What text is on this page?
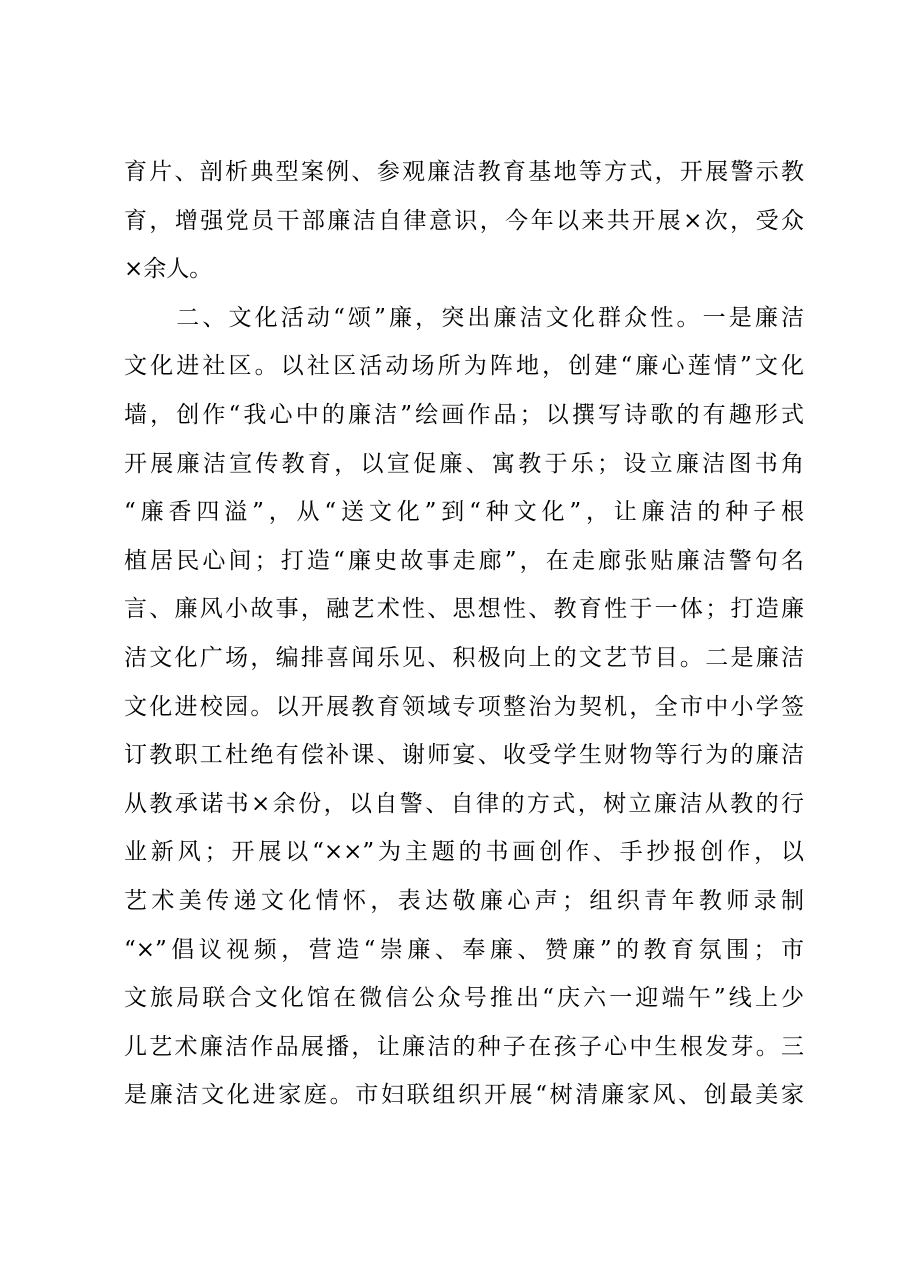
育片、剖析典型案例、参观廉洁教育基地等方式，开展警示教
育，增强党员干部廉洁自律意识，今年以来共开展×次，受众
×余人。
　　二、文化活动“颂”廉，突出廉洁文化群众性。一是廉洁
文化进社区。以社区活动场所为阵地，创建“廉心莲情”文化
墙，创作“我心中的廉洁”绘画作品；以撰写诗歌的有趣形式
开展廉洁宣传教育，以宣促廉、寓教于乐；设立廉洁图书角
“廉香四溢”，从“送文化”到“种文化”，让廉洁的种子根
植居民心间；打造“廉史故事走廊”，在走廊张贴廉洁警句名
言、廉风小故事，融艺术性、思想性、教育性于一体；打造廉
洁文化广场，编排喜闻乐见、积极向上的文艺节目。二是廉洁
文化进校园。以开展教育领域专项整治为契机，全市中小学签
订教职工杜绝有偿补课、谢师宴、收受学生财物等行为的廉洁
从教承诺书×余份，以自警、自律的方式，树立廉洁从教的行
业新风；开展以“××”为主题的书画创作、手抄报创作，以
艺术美传递文化情怀，表达敬廉心声；组织青年教师录制
“×”倡议视频，营造“崇廉、奉廉、赞廉”的教育氛围；市
文旅局联合文化馆在微信公众号推出“庆六一迎端午”线上少
儿艺术廉洁作品展播，让廉洁的种子在孩子心中生根发芽。三
是廉洁文化进家庭。市妇联组织开展“树清廉家风、创最美家
